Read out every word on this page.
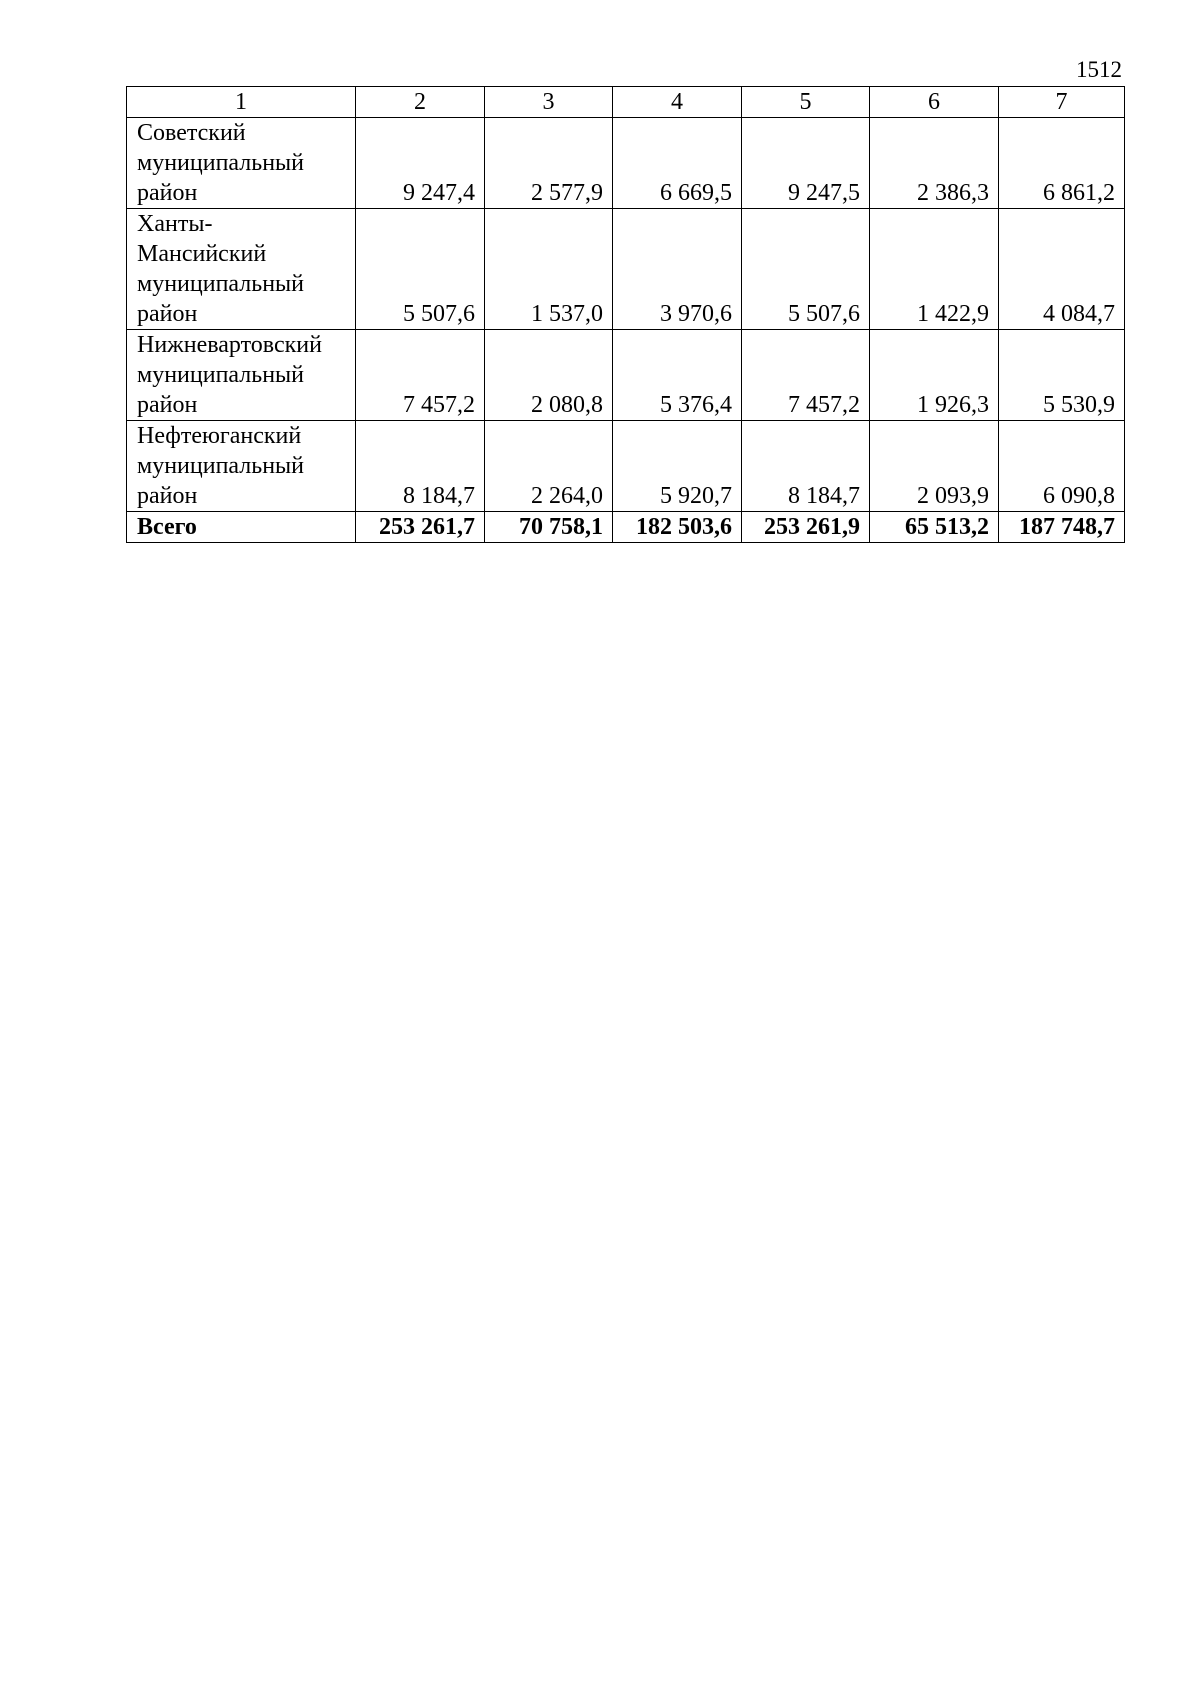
1512
1	2	3	4	5	6	7

Советский
муниципальный
район	9 247,4	2 577,9	6 669,5	9 247,5	2 386,3	6 861,2

Ханты-
Мансийский
муниципальный
район	5 507,6	1 537,0	3 970,6	5 507,6	1 422,9	4 084,7

Нижневартовский
муниципальный
район	7 457,2	2 080,8	5 376,4	7 457,2	1 926,3	5 530,9

Нефтеюганский
муниципальный
район	8 184,7	2 264,0	5 920,7	8 184,7	2 093,9	6 090,8
Всего	253 261,7	70 758,1	182 503,6	253 261,9	65 513,2	187 748,7
